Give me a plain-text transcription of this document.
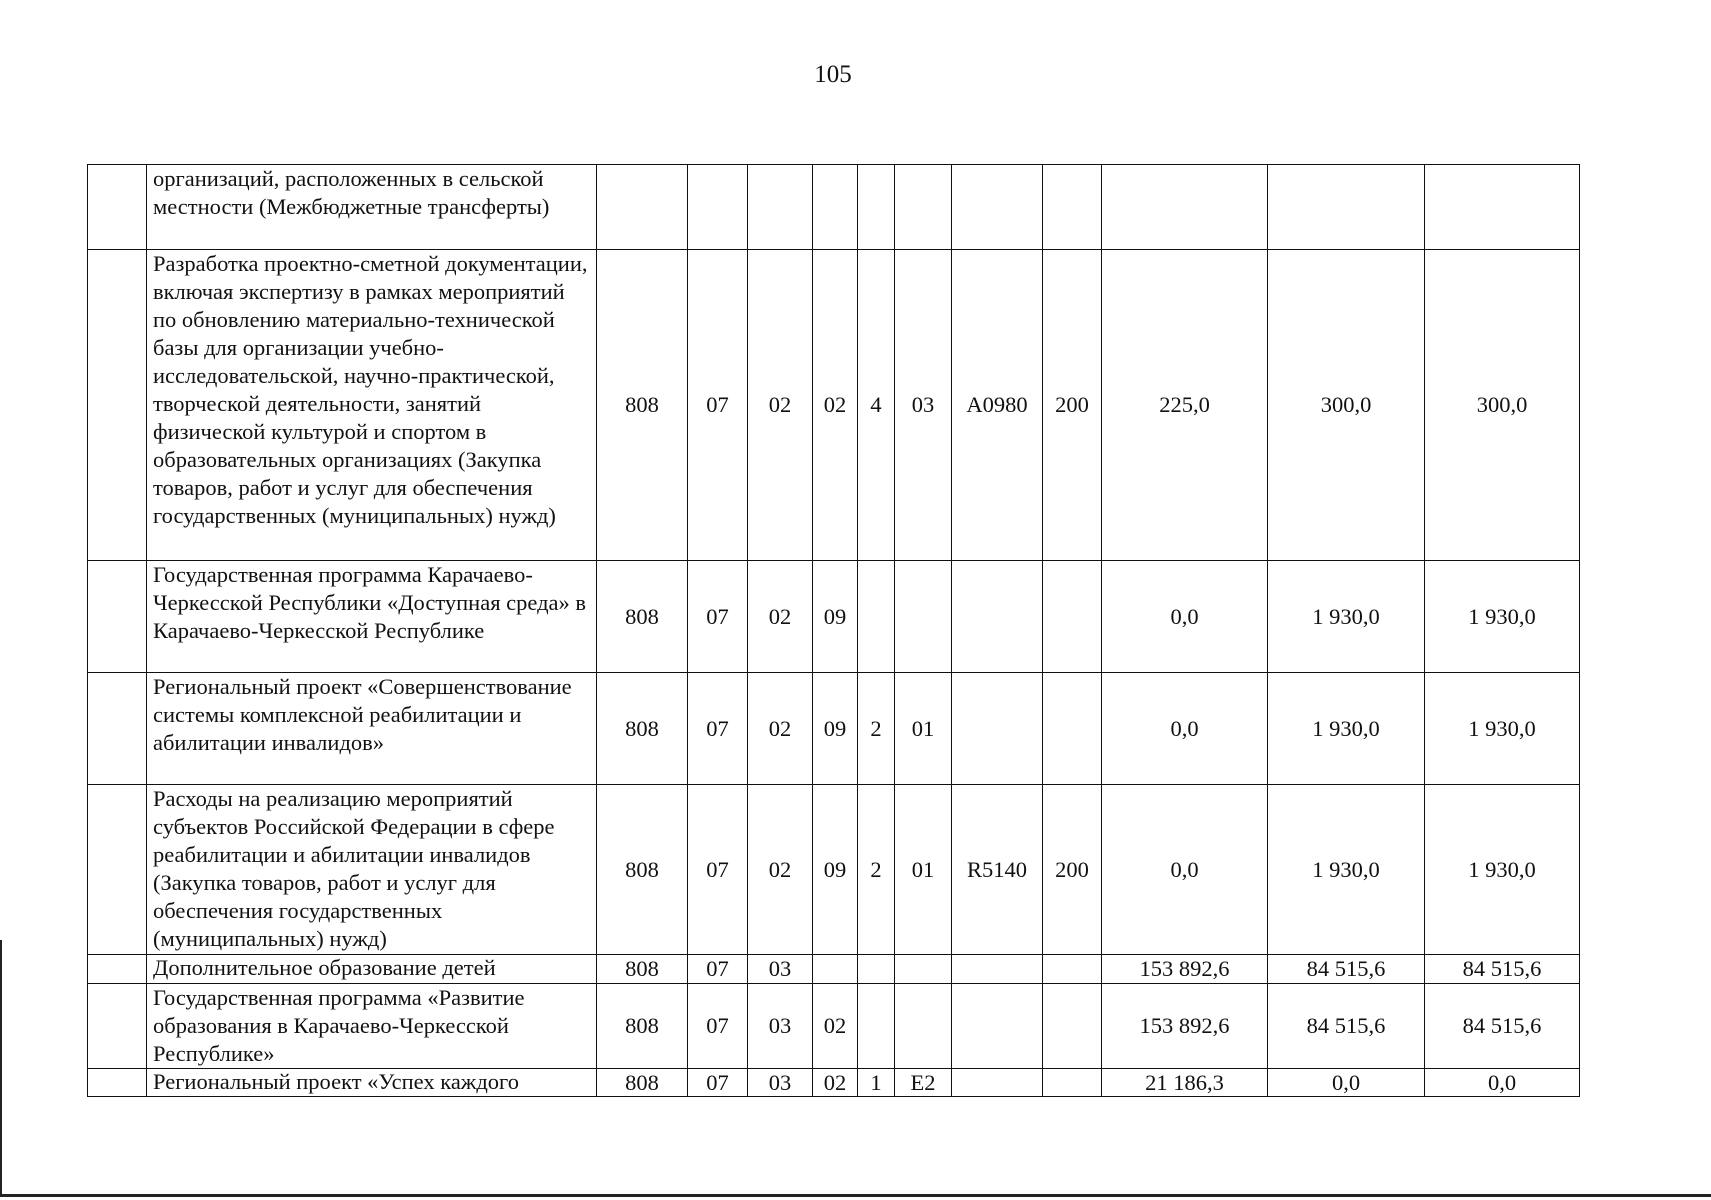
105
	организаций, расположенных в сельской местности (Межбюджетные трансферты)											
	Разработка проектно-сметной документации, включая экспертизу в рамках мероприятий по обновлению материально-технической базы для организации учебно-исследовательской, научно-практической, творческой деятельности, занятий физической культурой и спортом в образовательных организациях (Закупка товаров, работ и услуг для обеспечения государственных (муниципальных) нужд)	808	07	02	02	4	03	A0980	200	225,0	300,0	300,0
	Государственная программа Карачаево-Черкесской Республики «Доступная среда» в Карачаево-Черкесской Республике	808	07	02	09					0,0	1 930,0	1 930,0
	Региональный проект «Совершенствование системы комплексной реабилитации и абилитации инвалидов»	808	07	02	09	2	01			0,0	1 930,0	1 930,0
	Расходы на реализацию мероприятий субъектов Российской Федерации в сфере реабилитации и абилитации инвалидов (Закупка товаров, работ и услуг для обеспечения государственных (муниципальных) нужд)	808	07	02	09	2	01	R5140	200	0,0	1 930,0	1 930,0
	Дополнительное образование детей	808	07	03						153 892,6	84 515,6	84 515,6
	Государственная программа «Развитие образования в Карачаево-Черкесской Республике»	808	07	03	02					153 892,6	84 515,6	84 515,6
	Региональный проект «Успех каждого	808	07	03	02	1	E2			21 186,3	0,0	0,0
